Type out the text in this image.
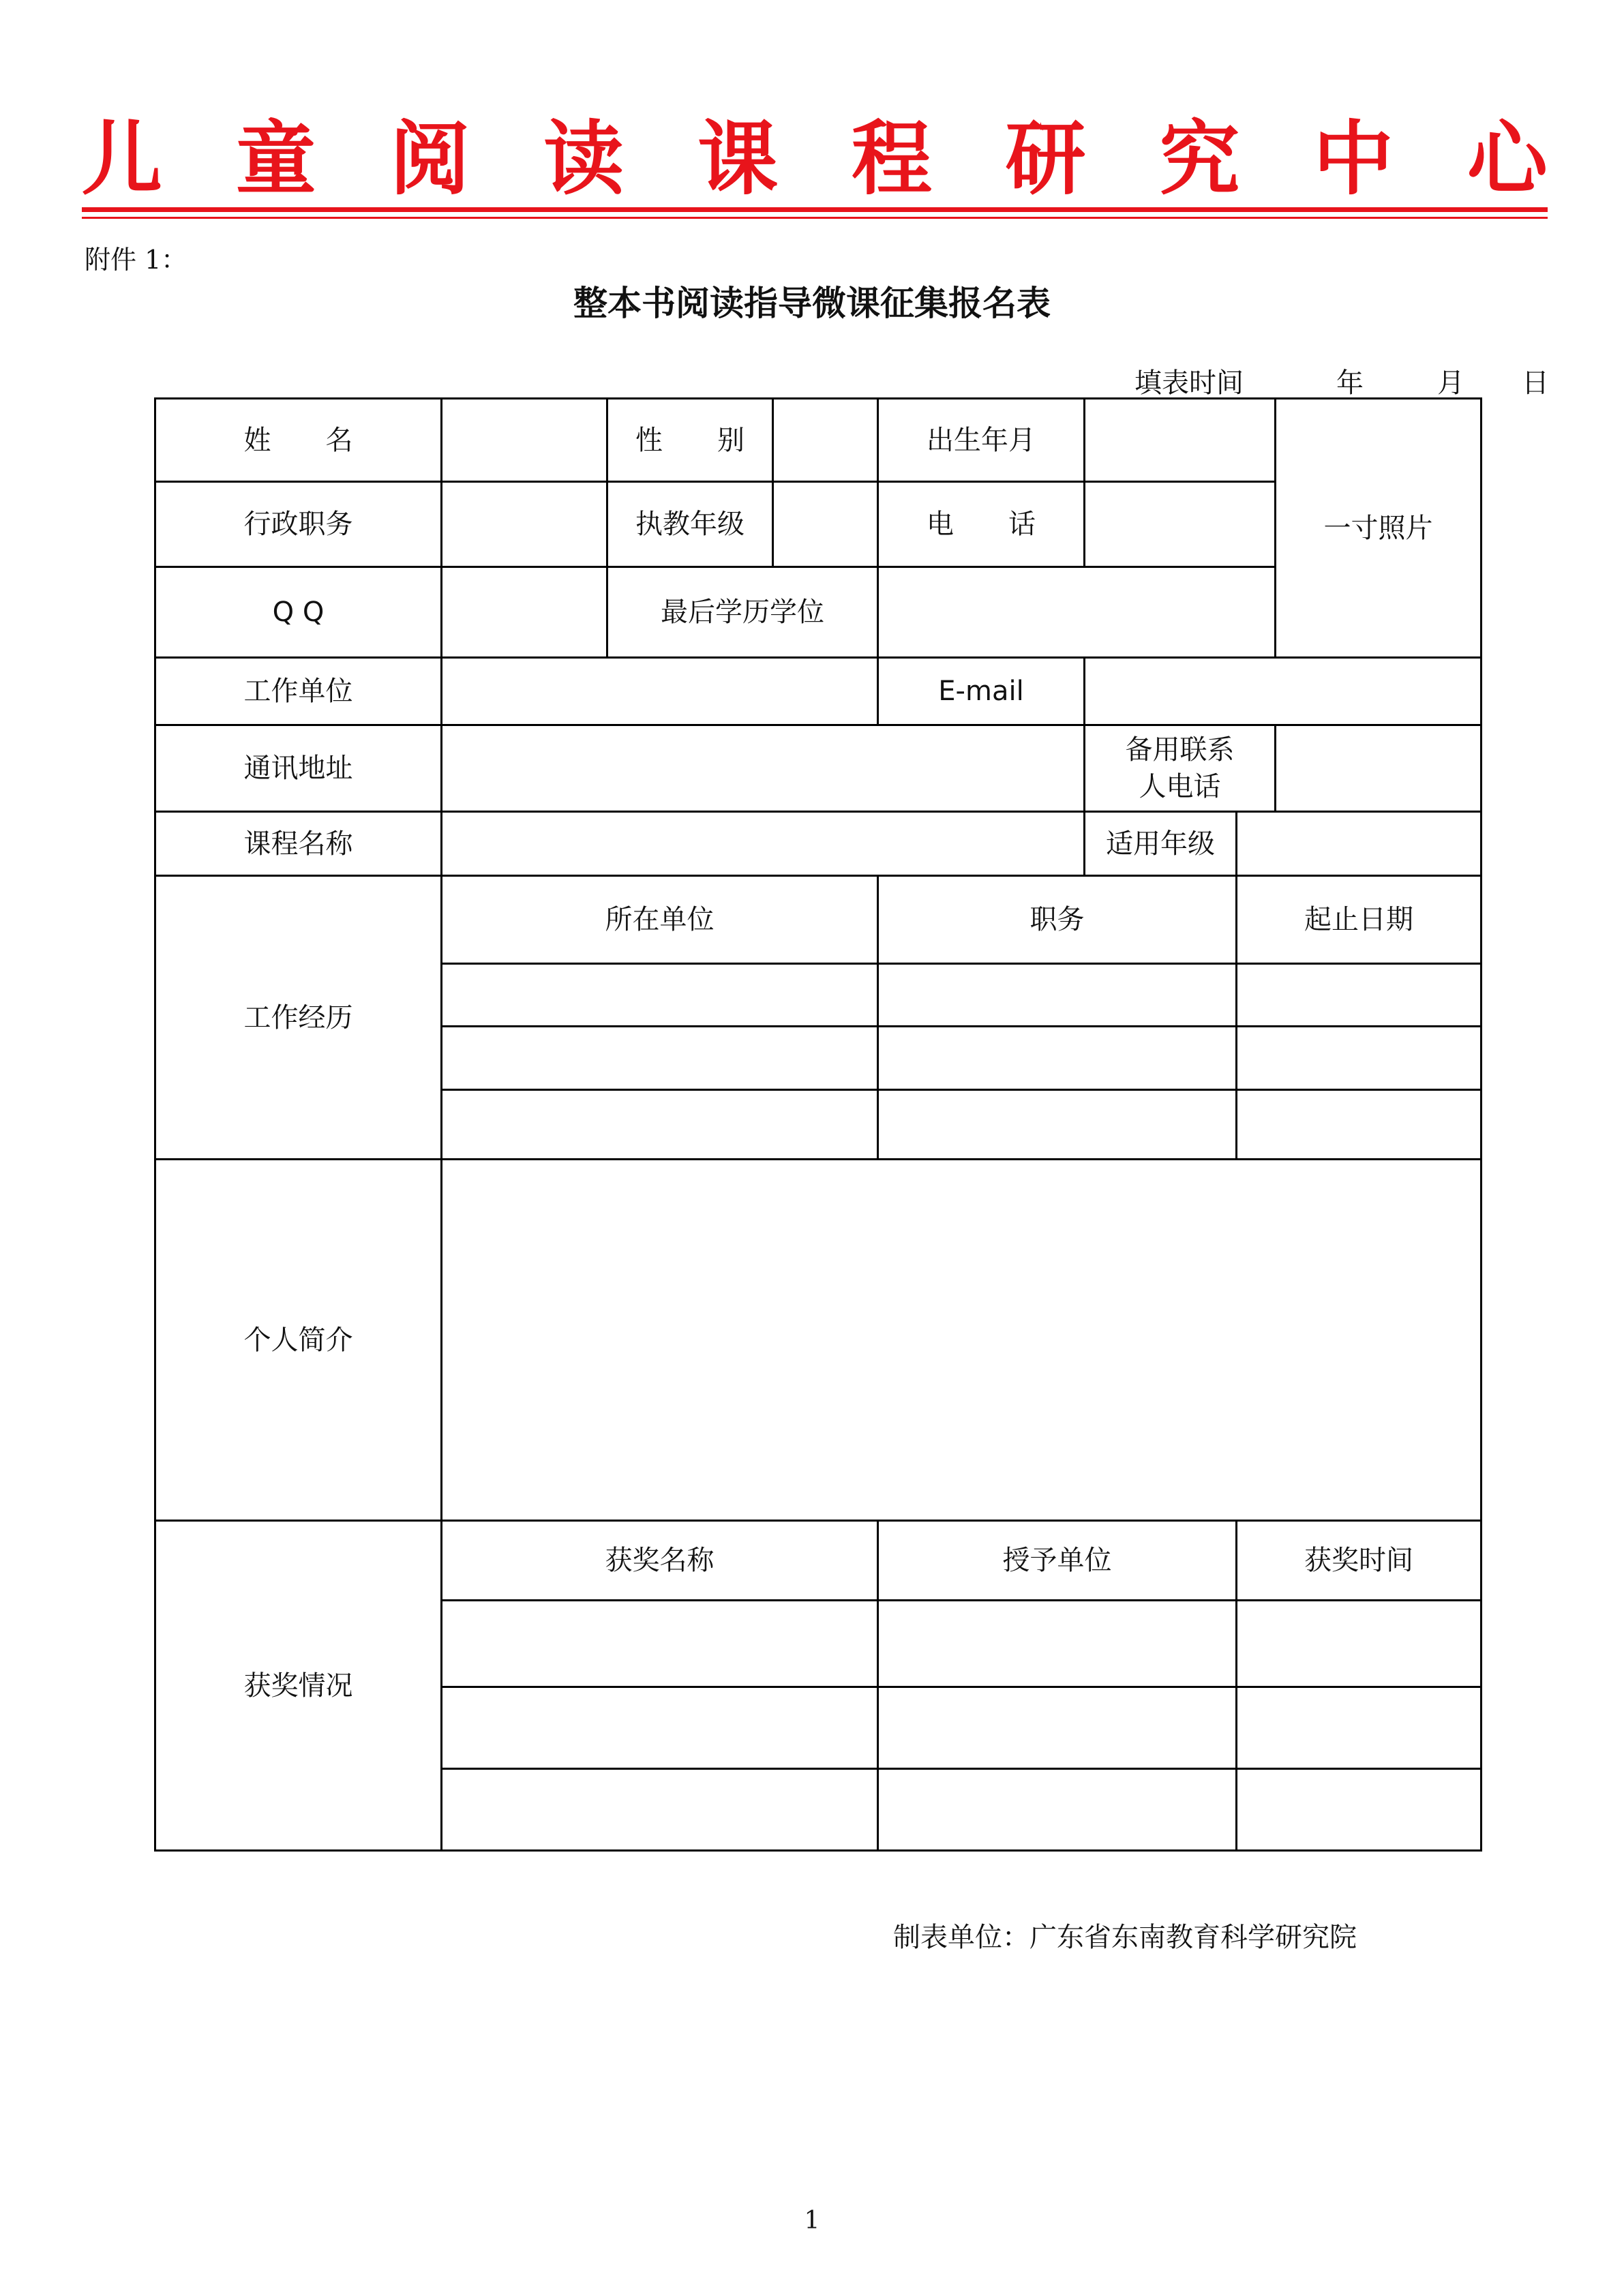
儿 童 阅 读 课 程 研 究 中 心
附件 1：
整本书阅读指导微课征集报名表
填表时间	年	月 日
姓　　名		性　　别		出生年月			一寸照片
行政职务		执教年级		电　　话			
Q Q		最后学历学位					
工作单位				E-mail			
通讯地址					备用联系
人电话		
课程名称					适用年级		
工作经历	所在单位			职务		起止日期	

个人简介							
获奖情况	获奖名称			授予单位		获奖时间	

制表单位：广东省东南教育科学研究院
1
